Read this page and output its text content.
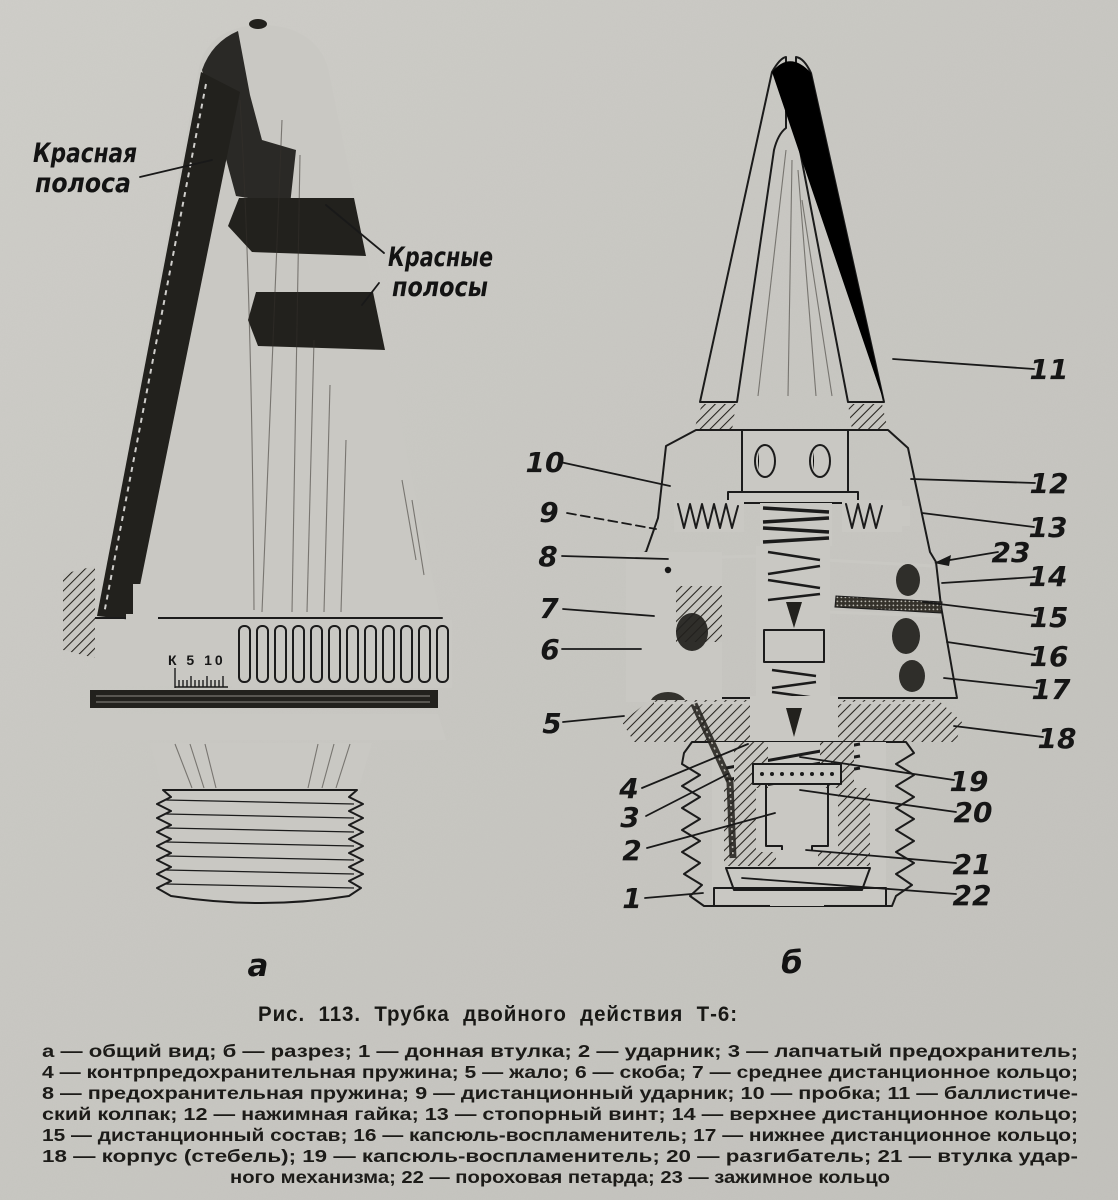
К 5 10
Красная
полоса
Красные
полосы
1
2
3
4
5
6
7
8
9
10
11
12
13
14
15
16
17
18
19
20
21
22
23
а	б
Рис. 113. Трубка двойного действия Т-6:
а — общий вид; б — разрез; 1 — донная втулка; 2 — ударник; 3 — лапчатый предохранитель;
4 — контрпредохранительная пружина; 5 — жало; 6 — скоба; 7 — среднее дистанционное кольцо;
8 — предохранительная пружина; 9 — дистанционный ударник; 10 — пробка; 11 — баллистиче-
ский колпак; 12 — нажимная гайка; 13 — стопорный винт; 14 — верхнее дистанционное кольцо;
15 — дистанционный состав; 16 — капсюль-воспламенитель; 17 — нижнее дистанционное кольцо;
18 — корпус (стебель); 19 — капсюль-воспламенитель; 20 — разгибатель; 21 — втулка удар-
ного механизма; 22 — пороховая петарда; 23 — зажимное кольцо
